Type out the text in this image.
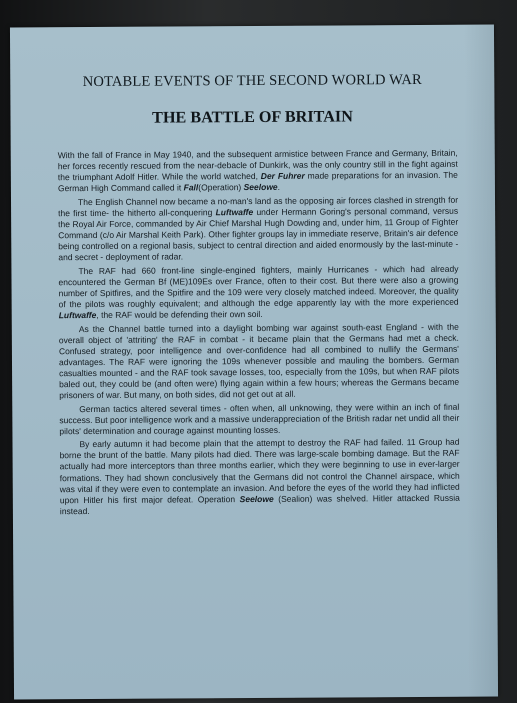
NOTABLE EVENTS OF THE SECOND WORLD WAR
THE BATTLE OF BRITAIN

With the fall of France in May 1940, and the subsequent armistice between France and Germany, Britain, her forces recently rescued from the near-debacle of Dunkirk, was the only country still in the fight against the triumphant Adolf Hitler. While the world watched, Der Fuhrer made preparations for an invasion. The German High Command called it Fall(Operation) Seelowe.

The English Channel now became a no-man's land as the opposing air forces clashed in strength for the first time- the hitherto all-conquering Luftwaffe under Hermann Goring's personal command, versus the Royal Air Force, commanded by Air Chief Marshal Hugh Dowding and, under him, 11 Group of Fighter Command (c/o Air Marshal Keith Park). Other fighter groups lay in immediate reserve, Britain's air defence being controlled on a regional basis, subject to central direction and aided enormously by the last-minute - and secret - deployment of radar.

The RAF had 660 front-line single-engined fighters, mainly Hurricanes - which had already encountered the German Bf (ME)109Es over France, often to their cost. But there were also a growing number of Spitfires, and the Spitfire and the 109 were very closely matched indeed. Moreover, the quality of the pilots was roughly equivalent; and although the edge apparently lay with the more experienced Luftwaffe, the RAF would be defending their own soil.

As the Channel battle turned into a daylight bombing war against south-east England - with the overall object of 'attriting' the RAF in combat - it became plain that the Germans had met a check. Confused strategy, poor intelligence and over-confidence had all combined to nullify the Germans' advantages. The RAF were ignoring the 109s whenever possible and mauling the bombers. German casualties mounted - and the RAF took savage losses, too, especially from the 109s, but when RAF pilots baled out, they could be (and often were) flying again within a few hours; whereas the Germans became prisoners of war. But many, on both sides, did not get out at all.

German tactics altered several times - often when, all unknowing, they were within an inch of final success. But poor intelligence work and a massive underappreciation of the British radar net undid all their pilots' determination and courage against mounting losses.

By early autumn it had become plain that the attempt to destroy the RAF had failed. 11 Group had borne the brunt of the battle. Many pilots had died. There was large-scale bombing damage. But the RAF actually had more interceptors than three months earlier, which they were beginning to use in ever-larger formations. They had shown conclusively that the Germans did not control the Channel airspace, which was vital if they were even to contemplate an invasion. And before the eyes of the world they had inflicted upon Hitler his first major defeat. Operation Seelowe (Sealion) was shelved. Hitler attacked Russia instead.
